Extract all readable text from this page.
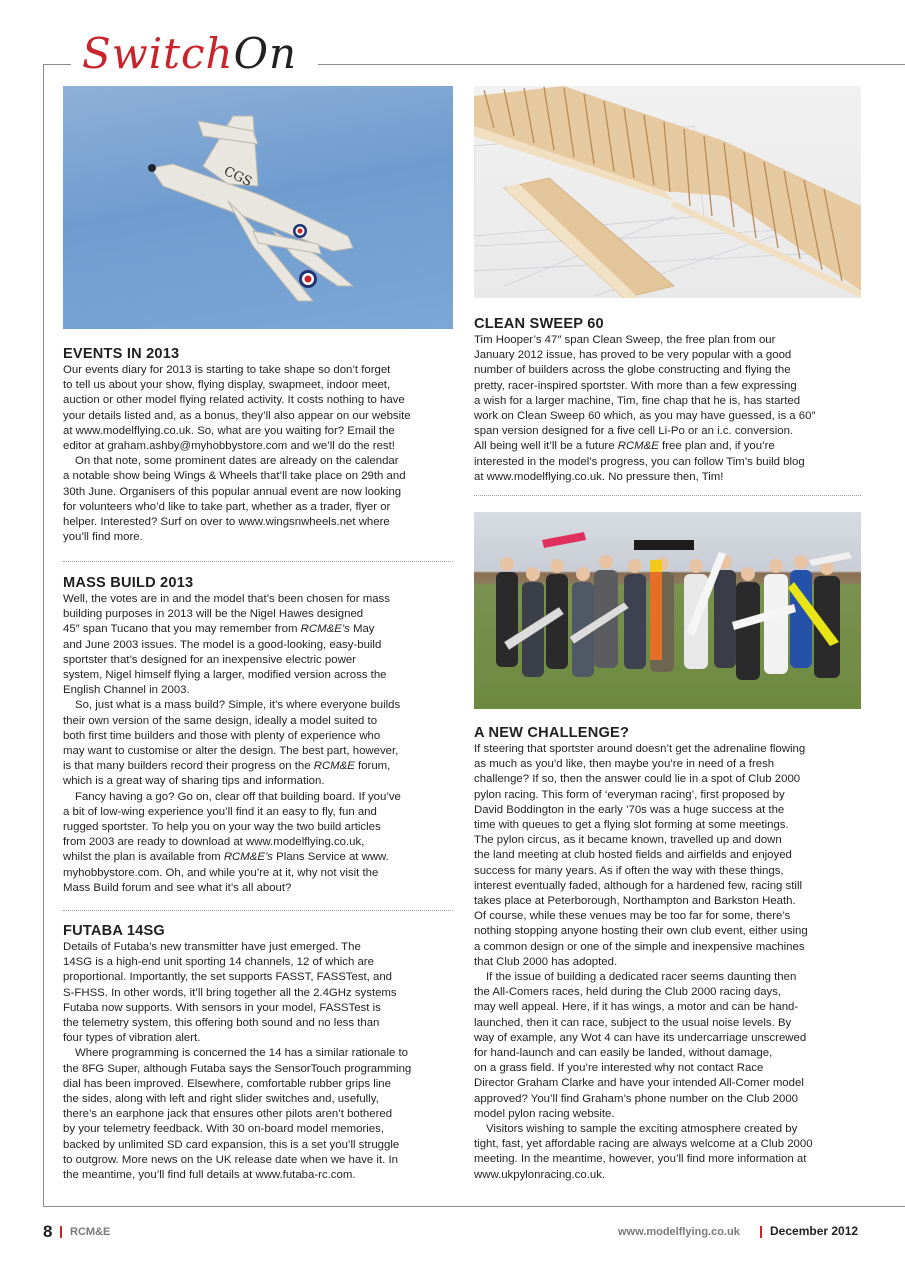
SwitchOn
CGS
EVENTS IN 2013

Our events diary for 2013 is starting to take shape so don’t forget

to tell us about your show, flying display, swapmeet, indoor meet,

auction or other model flying related activity. It costs nothing to have

your details listed and, as a bonus, they’ll also appear on our website

at www.modelflying.co.uk. So, what are you waiting for? Email the

editor at graham.ashby@myhobbystore.com and we’ll do the rest!

On that note, some prominent dates are already on the calendar

a notable show being Wings & Wheels that’ll take place on 29th and

30th June. Organisers of this popular annual event are now looking

for volunteers who’d like to take part, whether as a trader, flyer or

helper. Interested? Surf on over to www.wingsnwheels.net where

you’ll find more.

MASS BUILD 2013

Well, the votes are in and the model that’s been chosen for mass

building purposes in 2013 will be the Nigel Hawes designed

45″ span Tucano that you may remember from RCM&E’s May

and June 2003 issues. The model is a good-looking, easy-build

sportster that’s designed for an inexpensive electric power

system, Nigel himself flying a larger, modified version across the

English Channel in 2003.

So, just what is a mass build? Simple, it’s where everyone builds

their own version of the same design, ideally a model suited to

both first time builders and those with plenty of experience who

may want to customise or alter the design. The best part, however,

is that many builders record their progress on the RCM&E forum,

which is a great way of sharing tips and information.

Fancy having a go? Go on, clear off that building board. If you’ve

a bit of low-wing experience you’ll find it an easy to fly, fun and

rugged sportster. To help you on your way the two build articles

from 2003 are ready to download at www.modelflying.co.uk,

whilst the plan is available from RCM&E’s Plans Service at www.

myhobbystore.com. Oh, and while you’re at it, why not visit the

Mass Build forum and see what it’s all about?

FUTABA 14SG

Details of Futaba’s new transmitter have just emerged. The

14SG is a high-end unit sporting 14 channels, 12 of which are

proportional. Importantly, the set supports FASST, FASSTest, and

S-FHSS. In other words, it’ll bring together all the 2.4GHz systems

Futaba now supports. With sensors in your model, FASSTest is

the telemetry system, this offering both sound and no less than

four types of vibration alert.

Where programming is concerned the 14 has a similar rationale to

the 8FG Super, although Futaba says the SensorTouch programming

dial has been improved. Elsewhere, comfortable rubber grips line

the sides, along with left and right slider switches and, usefully,

there’s an earphone jack that ensures other pilots aren’t bothered

by your telemetry feedback. With 30 on-board model memories,

backed by unlimited SD card expansion, this is a set you’ll struggle

to outgrow. More news on the UK release date when we have it. In

the meantime, you’ll find full details at www.futaba-rc.com.

CLEAN SWEEP 60

Tim Hooper’s 47″ span Clean Sweep, the free plan from our

January 2012 issue, has proved to be very popular with a good

number of builders across the globe constructing and flying the

pretty, racer-inspired sportster. With more than a few expressing

a wish for a larger machine, Tim, fine chap that he is, has started

work on Clean Sweep 60 which, as you may have guessed, is a 60″

span version designed for a five cell Li-Po or an i.c. conversion.

All being well it’ll be a future RCM&E free plan and, if you’re

interested in the model’s progress, you can follow Tim’s build blog

at www.modelflying.co.uk. No pressure then, Tim!

A NEW CHALLENGE?

If steering that sportster around doesn’t get the adrenaline flowing

as much as you’d like, then maybe you’re in need of a fresh

challenge? If so, then the answer could lie in a spot of Club 2000

pylon racing. This form of ‘everyman racing’, first proposed by

David Boddington in the early ’70s was a huge success at the

time with queues to get a flying slot forming at some meetings.

The pylon circus, as it became known, travelled up and down

the land meeting at club hosted fields and airfields and enjoyed

success for many years. As if often the way with these things,

interest eventually faded, although for a hardened few, racing still

takes place at Peterborough, Northampton and Barkston Heath.

Of course, while these venues may be too far for some, there’s

nothing stopping anyone hosting their own club event, either using

a common design or one of the simple and inexpensive machines

that Club 2000 has adopted.

If the issue of building a dedicated racer seems daunting then

the All-Comers races, held during the Club 2000 racing days,

may well appeal. Here, if it has wings, a motor and can be hand-

launched, then it can race, subject to the usual noise levels. By

way of example, any Wot 4 can have its undercarriage unscrewed

for hand-launch and can easily be landed, without damage,

on a grass field. If you’re interested why not contact Race

Director Graham Clarke and have your intended All-Comer model

approved? You’ll find Graham’s phone number on the Club 2000

model pylon racing website.

Visitors wishing to sample the exciting atmosphere created by

tight, fast, yet affordable racing are always welcome at a Club 2000

meeting. In the meantime, however, you’ll find more information at

www.ukpylonracing.co.uk.

8 RCM&E	www.modelflying.co.uk	December 2012
